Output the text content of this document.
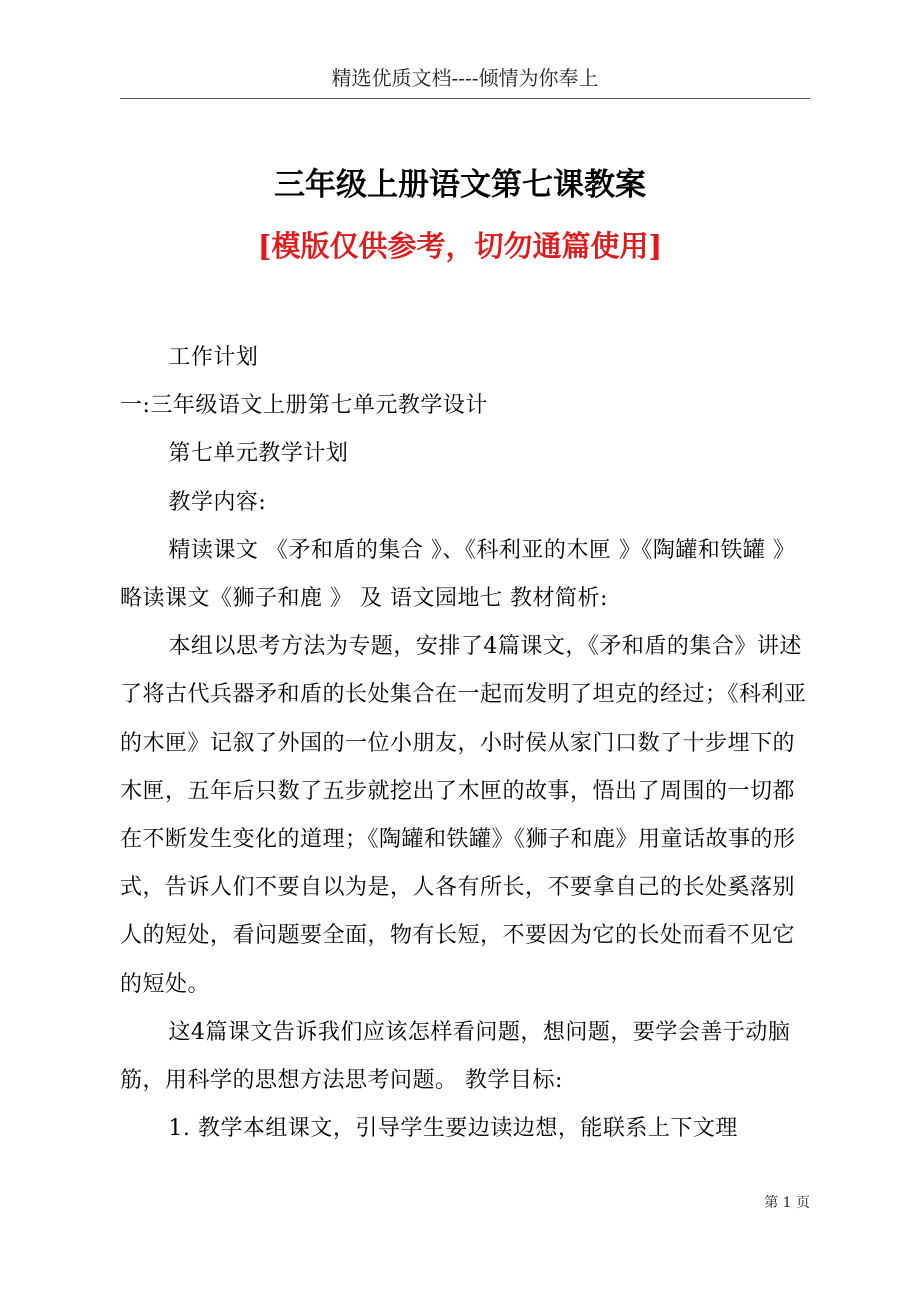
精选优质文档----倾情为你奉上
三年级上册语文第七课教案
[模版仅供参考，切勿通篇使用]

工作计划

一:三年级语文上册第七单元教学设计

第七单元教学计划

教学内容:

精读课文 《矛和盾的集合 》、《科利亚的木匣 》《陶罐和铁罐 》略读课文《狮子和鹿 》 及 语文园地七 教材简析:

本组以思考方法为专题，安排了4篇课文，《矛和盾的集合》讲述了将古代兵器矛和盾的长处集合在一起而发明了坦克的经过；《科利亚的木匣》记叙了外国的一位小朋友，小时侯从家门口数了十步埋下的木匣，五年后只数了五步就挖出了木匣的故事，悟出了周围的一切都在不断发生变化的道理；《陶罐和铁罐》《狮子和鹿》用童话故事的形式，告诉人们不要自以为是，人各有所长，不要拿自己的长处奚落别人的短处，看问题要全面，物有长短，不要因为它的长处而看不见它的短处。

这4篇课文告诉我们应该怎样看问题，想问题，要学会善于动脑筋，用科学的思想方法思考问题。 教学目标:

1. 教学本组课文，引导学生要边读边想，能联系上下文理

第 1 页
